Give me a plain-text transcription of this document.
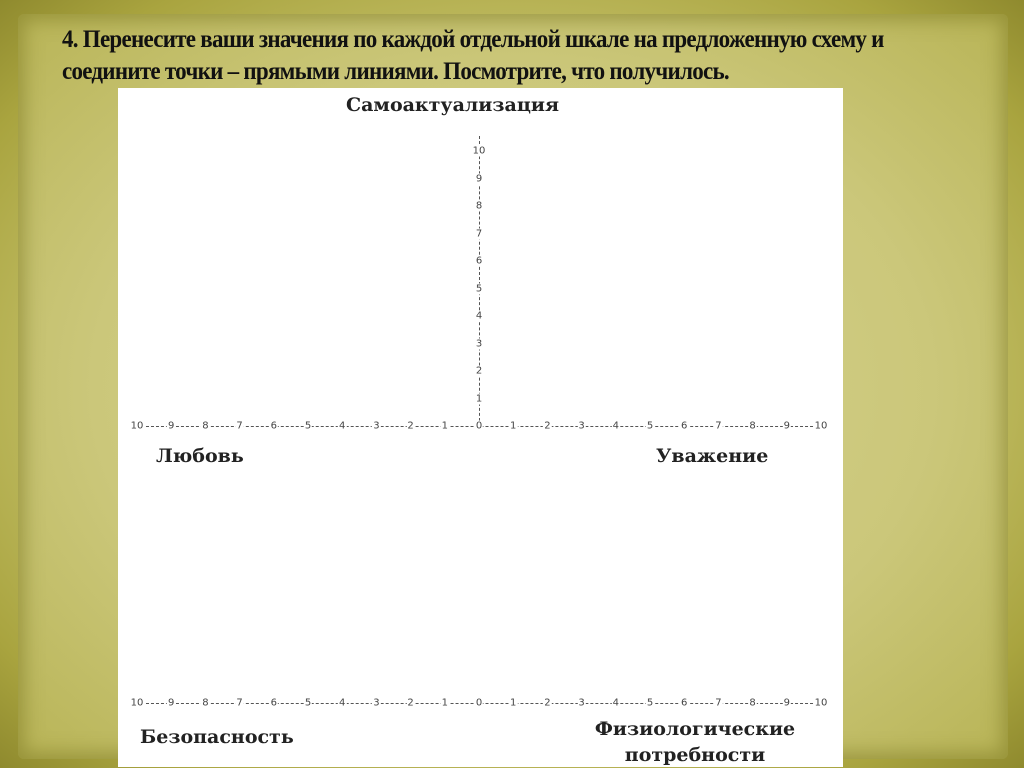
4. Перенесите ваши значения по каждой отдельной шкале на предложенную схему и соедините точки – прямыми линиями. Посмотрите, что получилось.
Самоактуализация
Любовь	Уважение
Безопасность	Физиологические потребности
0
0
1	1
1	1
1
2	2
2	2
2
3	3
3	3
3
4	4
4	4
4
5	5
5	5
5
6	6
6	6
6
7	7
7	7
7
8	8
8	8
8
9	9
9	9
9
10	10
10	10
10
